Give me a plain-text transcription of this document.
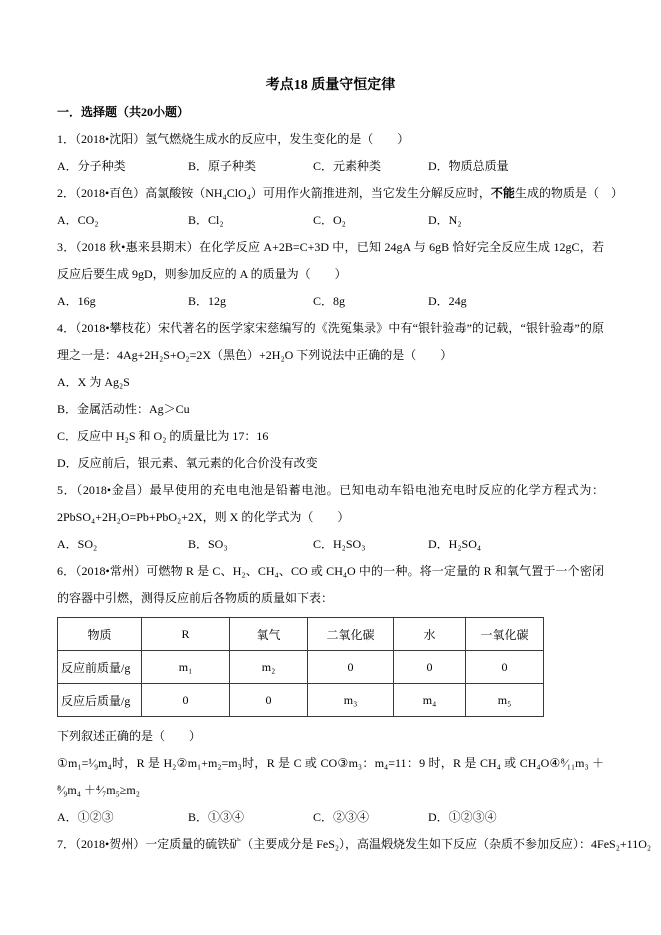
考点18 质量守恒定律

一．选择题（共20小题）

1．（2018•沈阳）氢气燃烧生成水的反应中，发生变化的是（　　）

A．分子种类	B．原子种类	C．元素种类	D．物质总质量

2．（2018•百色）高氯酸铵（NH₄ClO₄）可用作火箭推进剂，当它发生分解反应时，不能生成的物质是（　）

A．CO₂	B．Cl₂	C．O₂	D．N₂

3．（2018 秋•惠来县期末）在化学反应 A+2B=C+3D 中，已知 24gA 与 6gB 恰好完全反应生成 12gC，若反应后要生成 9gD，则参加反应的 A 的质量为（　　）

A．16g	B．12g	C．8g	D．24g

4．（2018•攀枝花）宋代著名的医学家宋慈编写的《洗冤集录》中有“银针验毒”的记载，“银针验毒”的原理之一是：4Ag+2H₂S+O₂=2X（黑色）+2H₂O 下列说法中正确的是（　　）

A．X 为 Ag₂S

B．金属活动性：Ag＞Cu

C．反应中 H₂S 和 O₂ 的质量比为 17：16

D．反应前后，银元素、氧元素的化合价没有改变

5．（2018•金昌）最早使用的充电电池是铅蓄电池。已知电动车铅电池充电时反应的化学方程式为：2PbSO₄+2H₂O=Pb+PbO₂+2X，则 X 的化学式为（　　）

A．SO₂	B．SO₃	C．H₂SO₃	D．H₂SO₄

6．（2018•常州）可燃物 R 是 C、H₂、CH₄、CO 或 CH₄O 中的一种。将一定量的 R 和氧气置于一个密闭的容器中引燃，测得反应前后各物质的质量如下表：

物质	R	氧气	二氧化碳	水	一氧化碳
反应前质量/g	m₁	m₂	0	0	0
反应后质量/g	0	0	m₃	m₄	m₅

下列叙述正确的是（　　）

①m₁=¹⁄₉m₄时，R 是 H₂②m₁+m₂=m₃时，R 是 C 或 CO③m₃：m₄=11：9 时，R 是 CH₄ 或 CH₄O④⁸⁄₁₁m₃ ＋⁸⁄₉m₄ ＋⁴⁄₇m₅≥m₂

A．①②③	B．①③④	C．②③④	D．①②③④

7．（2018•贺州）一定质量的硫铁矿（主要成分是 FeS₂），高温煅烧发生如下反应（杂质不参加反应）：4FeS₂+11O₂
